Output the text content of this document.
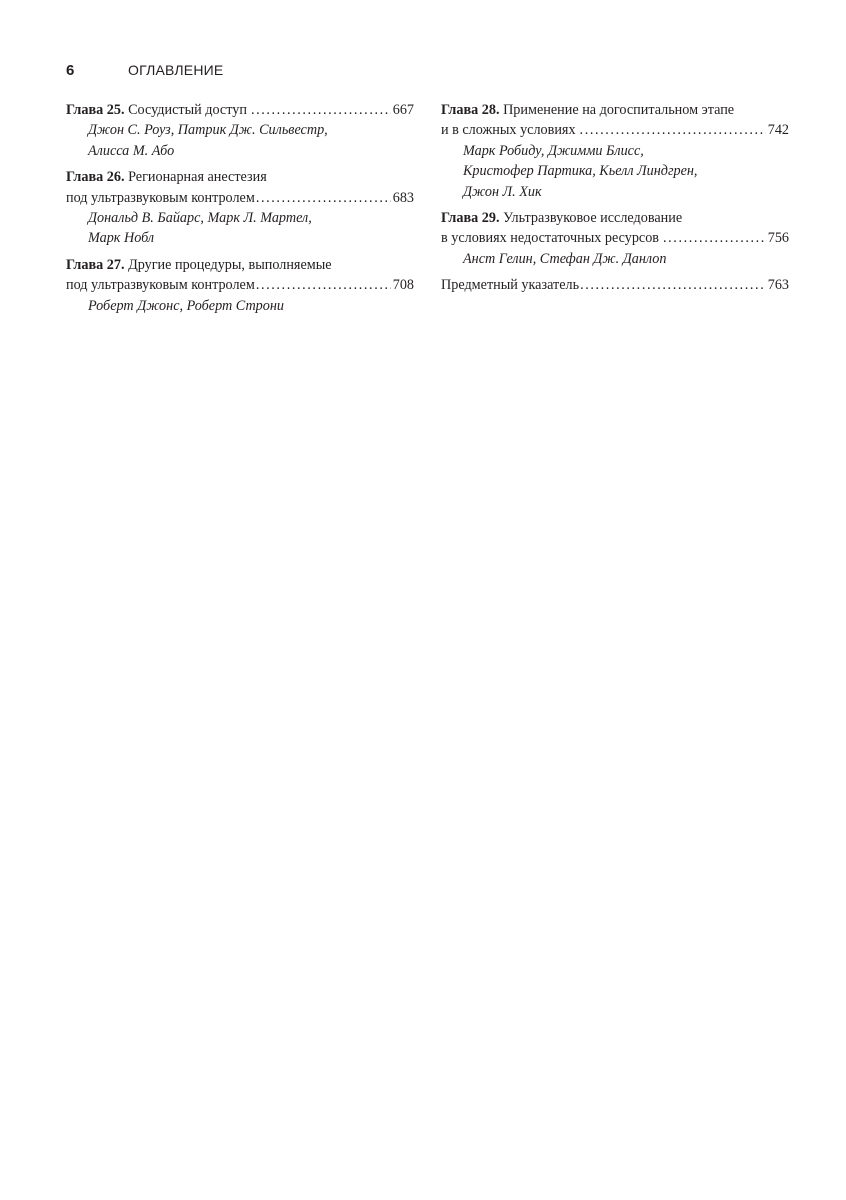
6	ОГЛАВЛЕНИЕ
Глава 25.
Сосудистый доступ .....	667
Джон С. Роуз, Патрик Дж. Сильвестр,
Алисса М. Або
Глава 26.
Регионарная анестезия
под ультразвуковым контролем .....	683
Дональд В. Байарс, Марк Л. Мартел,
Марк Нобл
Глава 27.
Другие процедуры, выполняемые
под ультразвуковым контролем .....	708
Роберт Джонс, Роберт Строни
Глава 28.
Применение на догоспитальном этапе
и в сложных условиях .....	742
Марк Робиду, Джимми Блисс,
Кристофер Партика, Кьелл Линдгрен,
Джон Л. Хик
Глава 29.
Ультразвуковое исследование
в условиях недостаточных ресурсов .....	756
Анст Гелин, Стефан Дж. Данлоп
Предметный указатель .....	763
